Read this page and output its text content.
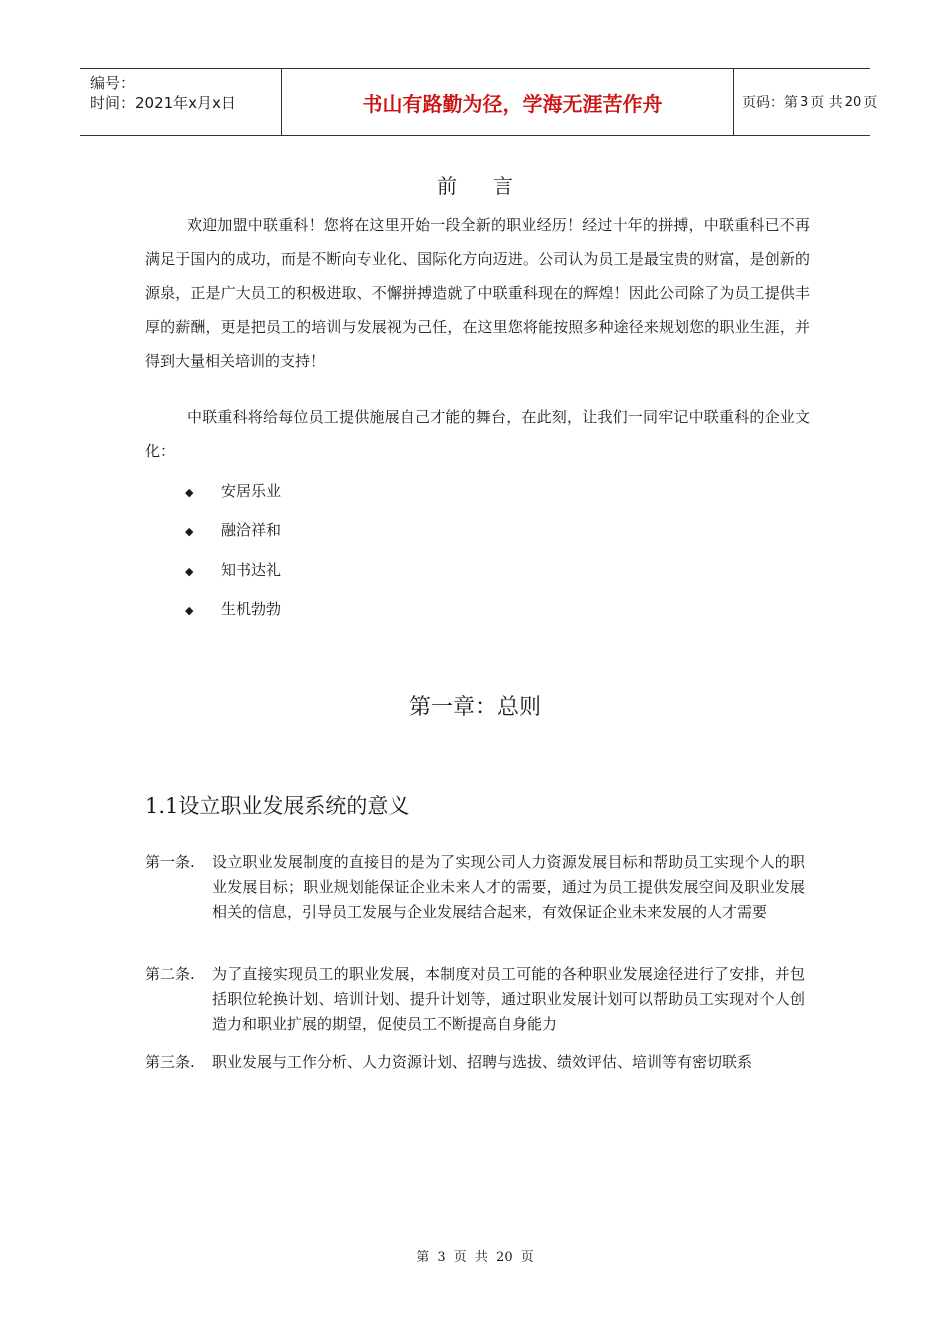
编号：
时间：2021年x月x日	书山有路勤为径，学海无涯苦作舟	页码：第 3 页 共 20 页
前言
欢迎加盟中联重科！您将在这里开始一段全新的职业经历！经过十年的拼搏，中联重科已不再满足于国内的成功，而是不断向专业化、国际化方向迈进。公司认为员工是最宝贵的财富，是创新的源泉，正是广大员工的积极进取、不懈拼搏造就了中联重科现在的辉煌！因此公司除了为员工提供丰厚的薪酬，更是把员工的培训与发展视为己任，在这里您将能按照多种途径来规划您的职业生涯，并得到大量相关培训的支持！
中联重科将给每位员工提供施展自己才能的舞台，在此刻，让我们一同牢记中联重科的企业文化：
◆ 安居乐业
◆ 融洽祥和
◆ 知书达礼
◆ 生机勃勃
第一章：总则
1.1设立职业发展系统的意义
第一条. 设立职业发展制度的直接目的是为了实现公司人力资源发展目标和帮助员工实现个人的职业发展目标；职业规划能保证企业未来人才的需要，通过为员工提供发展空间及职业发展相关的信息，引导员工发展与企业发展结合起来，有效保证企业未来发展的人才需要
第二条. 为了直接实现员工的职业发展，本制度对员工可能的各种职业发展途径进行了安排，并包括职位轮换计划、培训计划、提升计划等，通过职业发展计划可以帮助员工实现对个人创造力和职业扩展的期望，促使员工不断提高自身能力
第三条. 职业发展与工作分析、人力资源计划、招聘与选拔、绩效评估、培训等有密切联系
第 3 页 共 20 页
